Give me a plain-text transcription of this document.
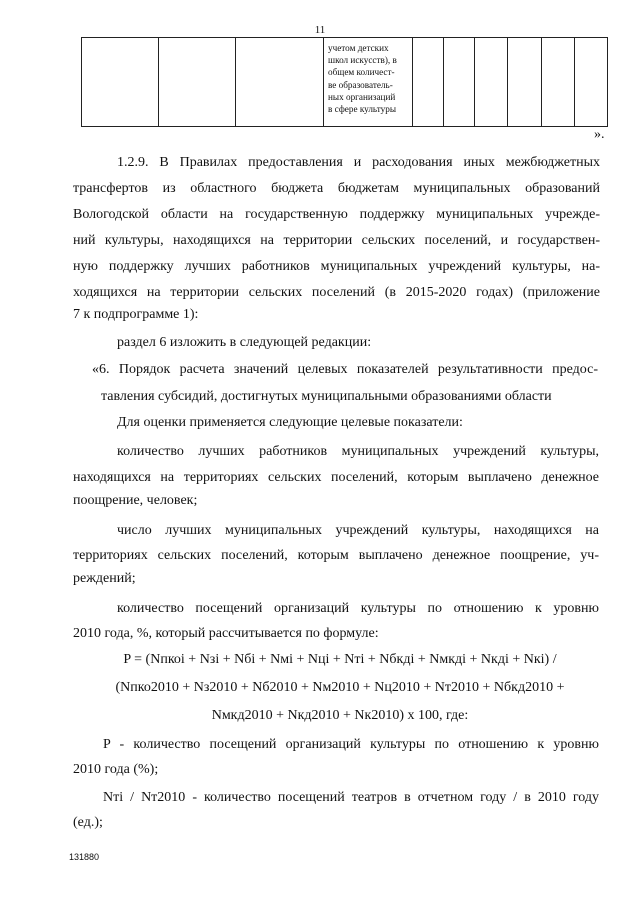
11

учетом детских
школ искусств), в
общем количест-
ве образователь-
ных организаций
в сфере культуры

».
1.2.9. В Правилах предоставления и расходования иных межбюджетных
трансфертов из областного бюджета бюджетам муниципальных образований
Вологодской области на государственную поддержку муниципальных учрежде-
ний культуры, находящихся на территории сельских поселений, и государствен-
ную поддержку лучших работников муниципальных учреждений культуры, на-
ходящихся на территории сельских поселений (в 2015-2020 годах) (приложение
7 к подпрограмме 1):
раздел 6 изложить в следующей редакции:
«6. Порядок расчета значений целевых показателей результативности предос-
тавления субсидий, достигнутых муниципальными образованиями области
Для оценки применяется следующие целевые показатели:
количество лучших работников муниципальных учреждений культуры,
находящихся на территориях сельских поселений, которым выплачено денежное
поощрение, человек;
число лучших муниципальных учреждений культуры, находящихся на
территориях сельских поселений, которым выплачено денежное поощрение, уч-
реждений;
количество посещений организаций культуры по отношению к уровню
2010 года, %, который рассчитывается по формуле:
P = (Nпкоi + Nзi + Nбi + Nмi + Nцi + Nтi + Nбкдi + Nмкдi + Nкдi + Nкi) /
(Nпко2010 + Nз2010 + Nб2010 + Nм2010 + Nц2010 + Nт2010 + Nбкд2010 +
Nмкд2010 + Nкд2010 + Nк2010) х 100, где:
P - количество посещений организаций культуры по отношению к уровню
2010 года (%);
Nтi / Nт2010 - количество посещений театров в отчетном году / в 2010 году
(ед.);
131880
